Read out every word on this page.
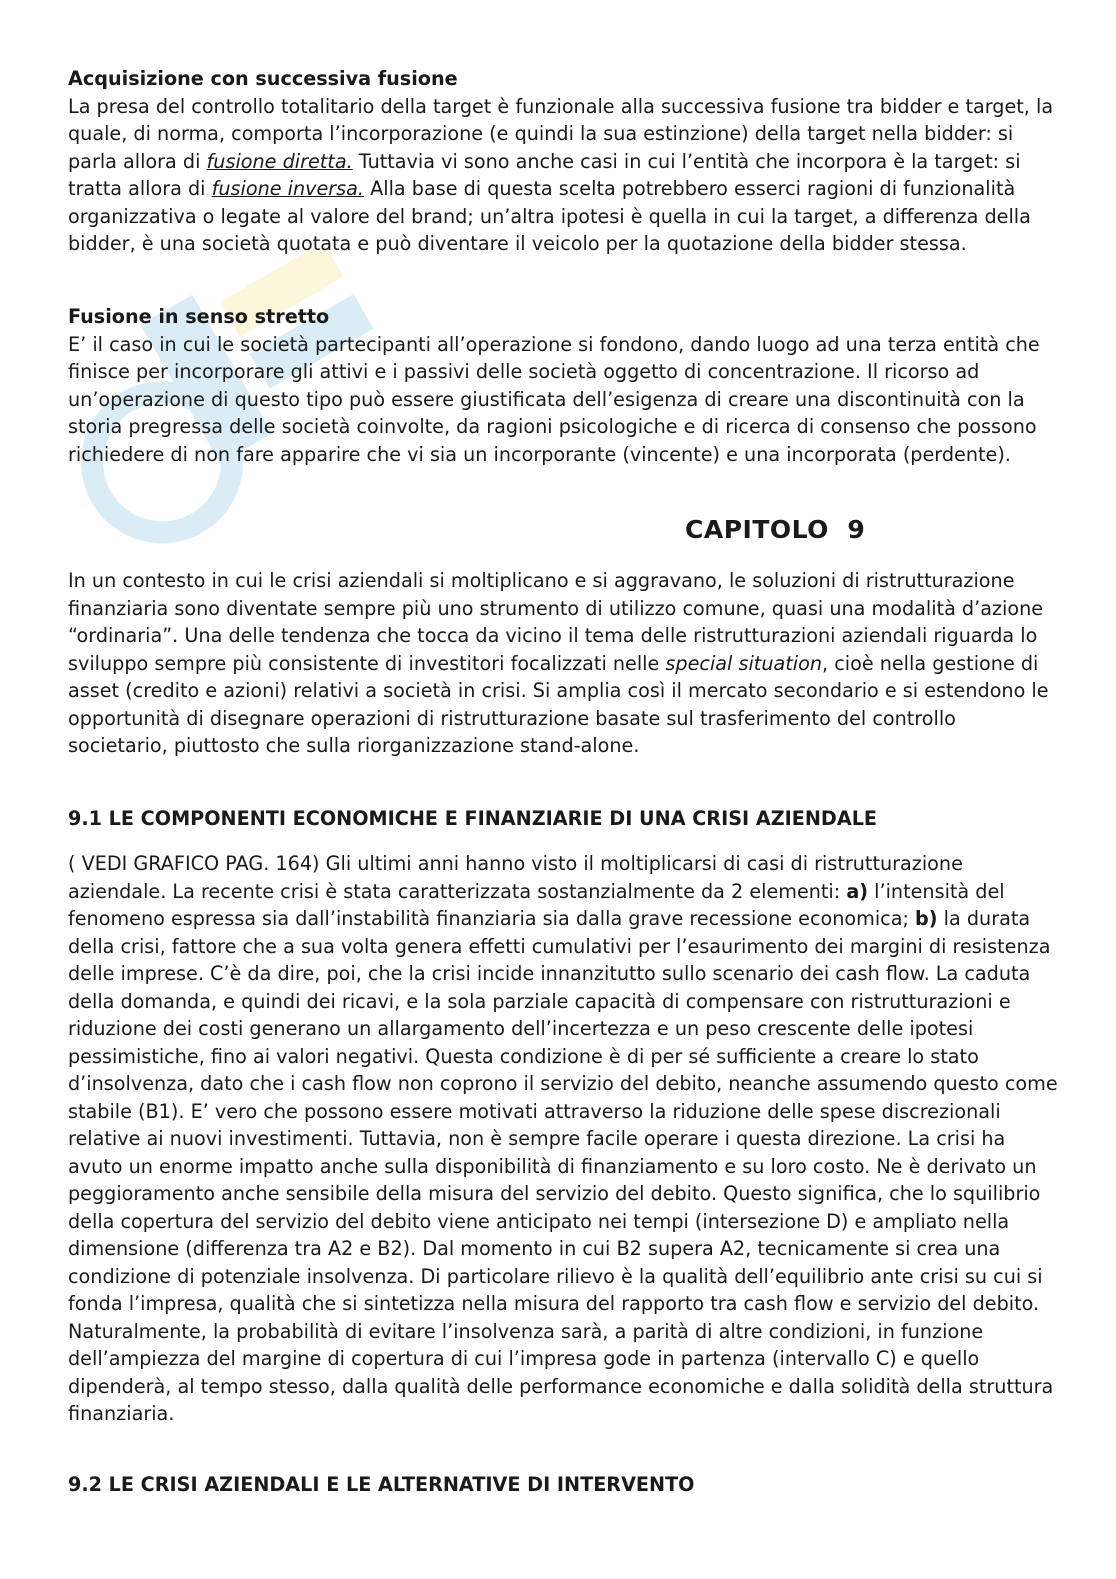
Acquisizione con successiva fusione

La presa del controllo totalitario della target è funzionale alla successiva fusione tra bidder e target, la quale, di norma, comporta l’incorporazione (e quindi la sua estinzione) della target nella bidder: si parla allora di fusione diretta. Tuttavia vi sono anche casi in cui l’entità che incorpora è la target: si tratta allora di fusione inversa. Alla base di questa scelta potrebbero esserci ragioni di funzionalità organizzativa o legate al valore del brand; un’altra ipotesi è quella in cui la target, a differenza della bidder, è una società quotata e può diventare il veicolo per la quotazione della bidder stessa.

Fusione in senso stretto

E’ il caso in cui le società partecipanti all’operazione si fondono, dando luogo ad una terza entità che finisce per incorporare gli attivi e i passivi delle società oggetto di concentrazione. Il ricorso ad un’operazione di questo tipo può essere giustificata dell’esigenza di creare una discontinuità con la storia pregressa delle società coinvolte, da ragioni psicologiche e di ricerca di consenso che possono richiedere di non fare apparire che vi sia un incorporante (vincente) e una incorporata (perdente).

CAPITOLO  9

In un contesto in cui le crisi aziendali si moltiplicano e si aggravano, le soluzioni di ristrutturazione finanziaria sono diventate sempre più uno strumento di utilizzo comune, quasi una modalità d’azione “ordinaria”. Una delle tendenza che tocca da vicino il tema delle ristrutturazioni aziendali riguarda lo sviluppo sempre più consistente di investitori focalizzati nelle special situation, cioè nella gestione di asset (credito e azioni) relativi a società in crisi. Si amplia così il mercato secondario e si estendono le opportunità di disegnare operazioni di ristrutturazione basate sul trasferimento del controllo societario, piuttosto che sulla riorganizzazione stand-alone.

9.1 LE COMPONENTI ECONOMICHE E FINANZIARIE DI UNA CRISI AZIENDALE

( VEDI GRAFICO PAG. 164) Gli ultimi anni hanno visto il moltiplicarsi di casi di ristrutturazione aziendale. La recente crisi è stata caratterizzata sostanzialmente da 2 elementi: a) l’intensità del fenomeno espressa sia dall’instabilità finanziaria sia dalla grave recessione economica; b) la durata della crisi, fattore che a sua volta genera effetti cumulativi per l’esaurimento dei margini di resistenza delle imprese. C’è da dire, poi, che la crisi incide innanzitutto sullo scenario dei cash flow. La caduta della domanda, e quindi dei ricavi, e la sola parziale capacità di compensare con ristrutturazioni e riduzione dei costi generano un allargamento dell’incertezza e un peso crescente delle ipotesi pessimistiche, fino ai valori negativi. Questa condizione è di per sé sufficiente a creare lo stato d’insolvenza, dato che i cash flow non coprono il servizio del debito, neanche assumendo questo come stabile (B1). E’ vero che possono essere motivati attraverso la riduzione delle spese discrezionali relative ai nuovi investimenti. Tuttavia, non è sempre facile operare i questa direzione. La crisi ha avuto un enorme impatto anche sulla disponibilità di finanziamento e su loro costo. Ne è derivato un peggioramento anche sensibile della misura del servizio del debito. Questo significa, che lo squilibrio della copertura del servizio del debito viene anticipato nei tempi (intersezione D) e ampliato nella dimensione (differenza tra A2 e B2). Dal momento in cui B2 supera A2, tecnicamente si crea una condizione di potenziale insolvenza. Di particolare rilievo è la qualità dell’equilibrio ante crisi su cui si fonda l’impresa, qualità che si sintetizza nella misura del rapporto tra cash flow e servizio del debito. Naturalmente, la probabilità di evitare l’insolvenza sarà, a parità di altre condizioni, in funzione dell’ampiezza del margine di copertura di cui l’impresa gode in partenza (intervallo C) e quello dipenderà, al tempo stesso, dalla qualità delle performance economiche e dalla solidità della struttura finanziaria.

9.2 LE CRISI AZIENDALI E LE ALTERNATIVE DI INTERVENTO
